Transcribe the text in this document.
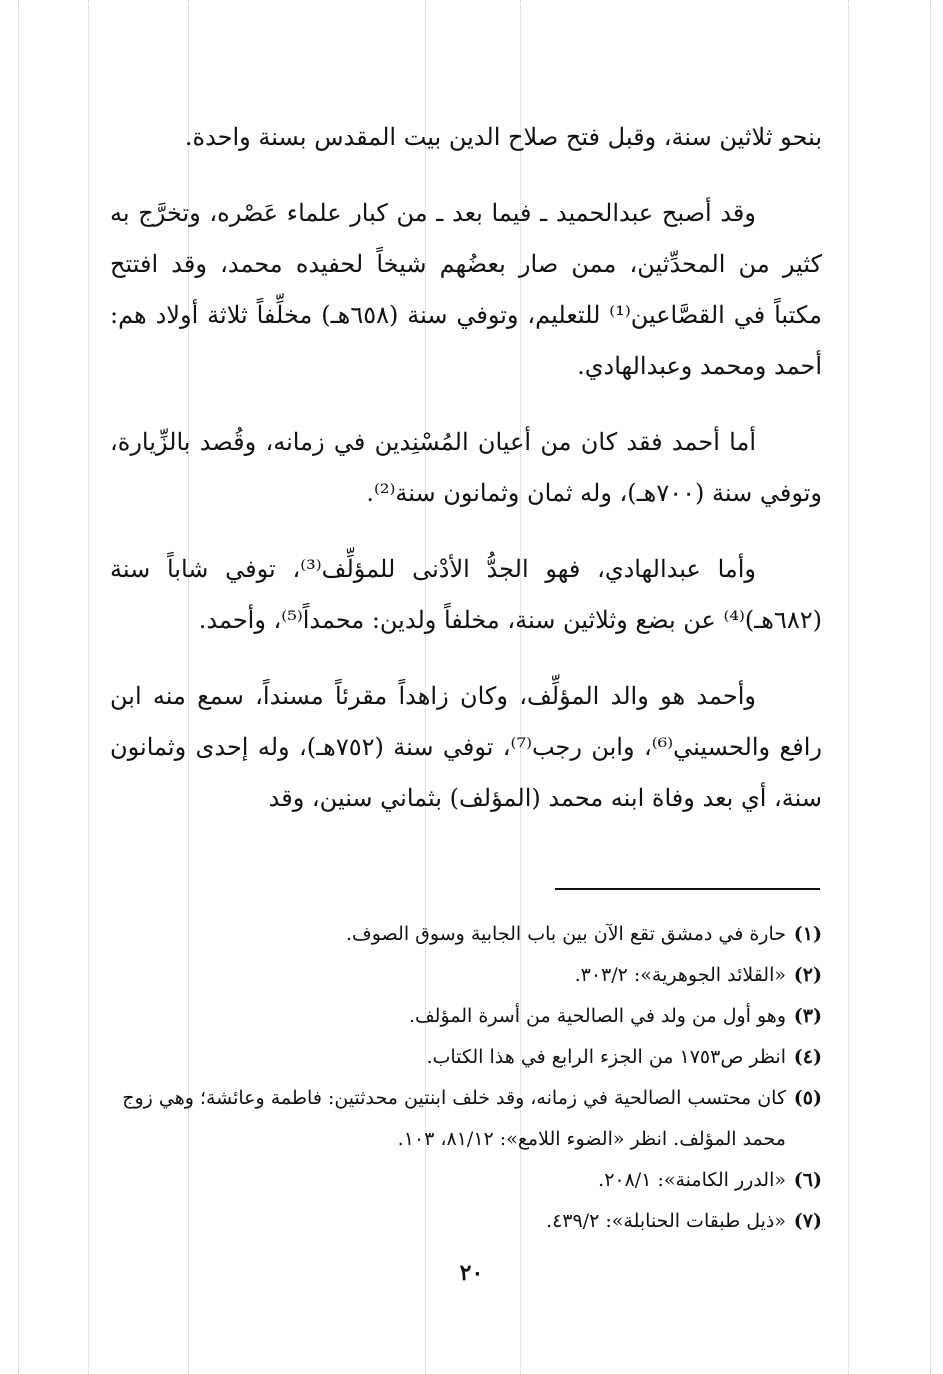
بنحو ثلاثين سنة، وقبل فتح صلاح الدين بيت المقدس بسنة واحدة.

وقد أصبح عبدالحميد ـ فيما بعد ـ من كبار علماء عَصْره، وتخرَّج به كثير من المحدِّثين، ممن صار بعضُهم شيخاً لحفيده محمد، وقد افتتح مكتباً في القصَّاعين⁽¹⁾ للتعليم، وتوفي سنة (٦٥٨هـ) مخلِّفاً ثلاثة أولاد هم: أحمد ومحمد وعبدالهادي.

أما أحمد فقد كان من أعيان المُسْنِدين في زمانه، وقُصد بالزِّيارة، وتوفي سنة (٧٠٠هـ)، وله ثمان وثمانون سنة⁽²⁾.

وأما عبدالهادي، فهو الجدُّ الأدْنى للمؤلِّف⁽³⁾، توفي شاباً سنة (٦٨٢هـ)⁽⁴⁾ عن بضع وثلاثين سنة، مخلفاً ولدين: محمداً⁽⁵⁾، وأحمد.

وأحمد هو والد المؤلِّف، وكان زاهداً مقرئاً مسنداً، سمع منه ابن رافع والحسيني⁽⁶⁾، وابن رجب⁽⁷⁾، توفي سنة (٧٥٢هـ)، وله إحدى وثمانون سنة، أي بعد وفاة ابنه محمد (المؤلف) بثماني سنين، وقد

(١)
حارة في دمشق تقع الآن بين باب الجابية وسوق الصوف.
(٢)
«القلائد الجوهرية»: ٣٠٣/٢.
(٣)
وهو أول من ولد في الصالحية من أسرة المؤلف.
(٤)
انظر ص١٧٥٣ من الجزء الرابع في هذا الكتاب.
(٥)
كان محتسب الصالحية في زمانه، وقد خلف ابنتين محدثتين: فاطمة وعائشة؛ وهي زوج محمد المؤلف. انظر «الضوء اللامع»: ٨١/١٢، ١٠٣.
(٦)
«الدرر الكامنة»: ٢٠٨/١.
(٧)
«ذيل طبقات الحنابلة»: ٤٣٩/٢.
٢٠
